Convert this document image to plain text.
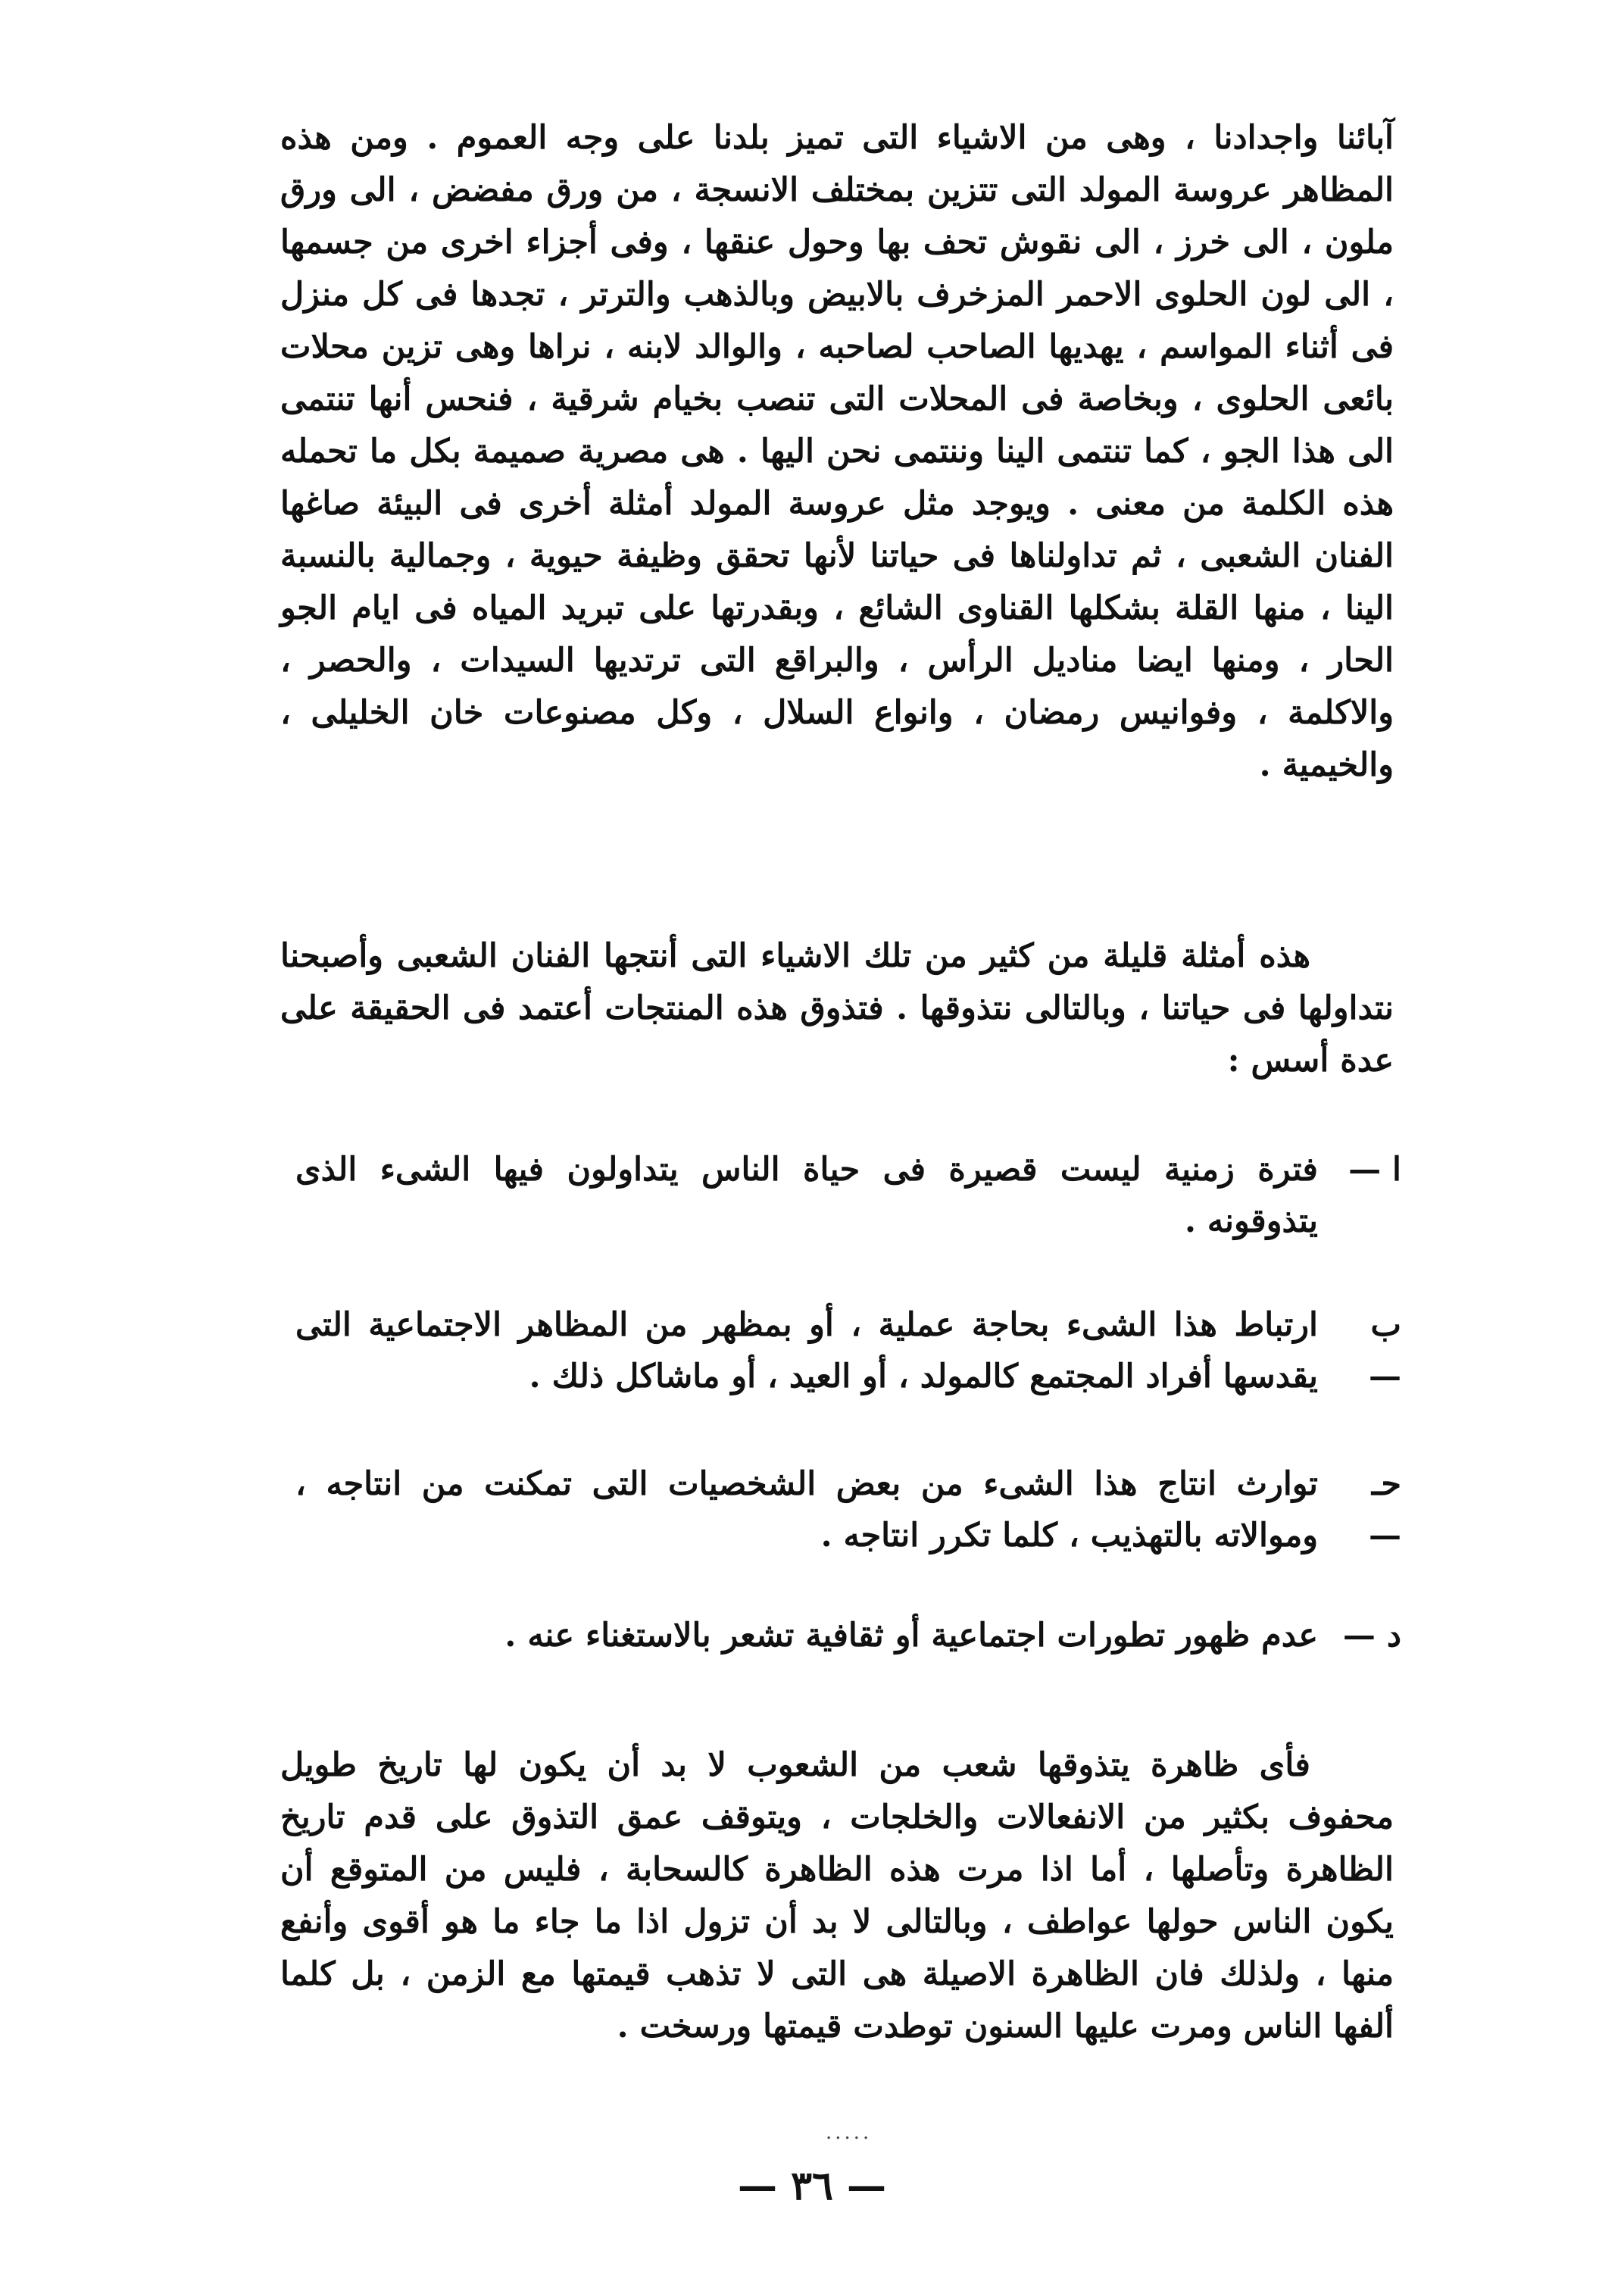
آبائنا واجدادنا ، وهى من الاشياء التى تميز بلدنا على وجه العموم . ومن هذه المظاهر عروسة المولد التى تتزين بمختلف الانسجة ، من ورق مفضض ، الى ورق ملون ، الى خرز ، الى نقوش تحف بها وحول عنقها ، وفى أجزاء اخرى من جسمها ، الى لون الحلوى الاحمر المزخرف بالابيض وبالذهب والترتر ، تجدها فى كل منزل فى أثناء المواسم ، يهديها الصاحب لصاحبه ، والوالد لابنه ، نراها وهى تزين محلات بائعى الحلوى ، وبخاصة فى المحلات التى تنصب بخيام شرقية ، فنحس أنها تنتمى الى هذا الجو ، كما تنتمى الينا وننتمى نحن اليها . هى مصرية صميمة بكل ما تحمله هذه الكلمة من معنى . ويوجد مثل عروسة المولد أمثلة أخرى فى البيئة صاغها الفنان الشعبى ، ثم تداولناها فى حياتنا لأنها تحقق وظيفة حيوية ، وجمالية بالنسبة الينا ، منها القلة بشكلها القناوى الشائع ، وبقدرتها على تبريد المياه فى ايام الجو الحار ، ومنها ايضا مناديل الرأس ، والبراقع التى ترتديها السيدات ، والحصر ، والاكلمة ، وفوانيس رمضان ، وانواع السلال ، وكل مصنوعات خان الخليلى ، والخيمية .

هذه أمثلة قليلة من كثير من تلك الاشياء التى أنتجها الفنان الشعبى وأصبحنا نتداولها فى حياتنا ، وبالتالى نتذوقها . فتذوق هذه المنتجات أعتمد فى الحقيقة على عدة أسس :

ا —
فترة زمنية ليست قصيرة فى حياة الناس يتداولون فيها الشىء الذى يتذوقونه .
ب —
ارتباط هذا الشىء بحاجة عملية ، أو بمظهر من المظاهر الاجتماعية التى يقدسها أفراد المجتمع كالمولد ، أو العيد ، أو ماشاكل ذلك .
حـ —
توارث انتاج هذا الشىء من بعض الشخصيات التى تمكنت من انتاجه ، وموالاته بالتهذيب ، كلما تكرر انتاجه .
د —
عدم ظهور تطورات اجتماعية أو ثقافية تشعر بالاستغناء عنه .

فأى ظاهرة يتذوقها شعب من الشعوب لا بد أن يكون لها تاريخ طويل محفوف بكثير من الانفعالات والخلجات ، ويتوقف عمق التذوق على قدم تاريخ الظاهرة وتأصلها ، أما اذا مرت هذه الظاهرة كالسحابة ، فليس من المتوقع أن يكون الناس حولها عواطف ، وبالتالى لا بد أن تزول اذا ما جاء ما هو أقوى وأنفع منها ، ولذلك فان الظاهرة الاصيلة هى التى لا تذهب قيمتها مع الزمن ، بل كلما ألفها الناس ومرت عليها السنون توطدت قيمتها ورسخت .

·····
— ٣٦ —
